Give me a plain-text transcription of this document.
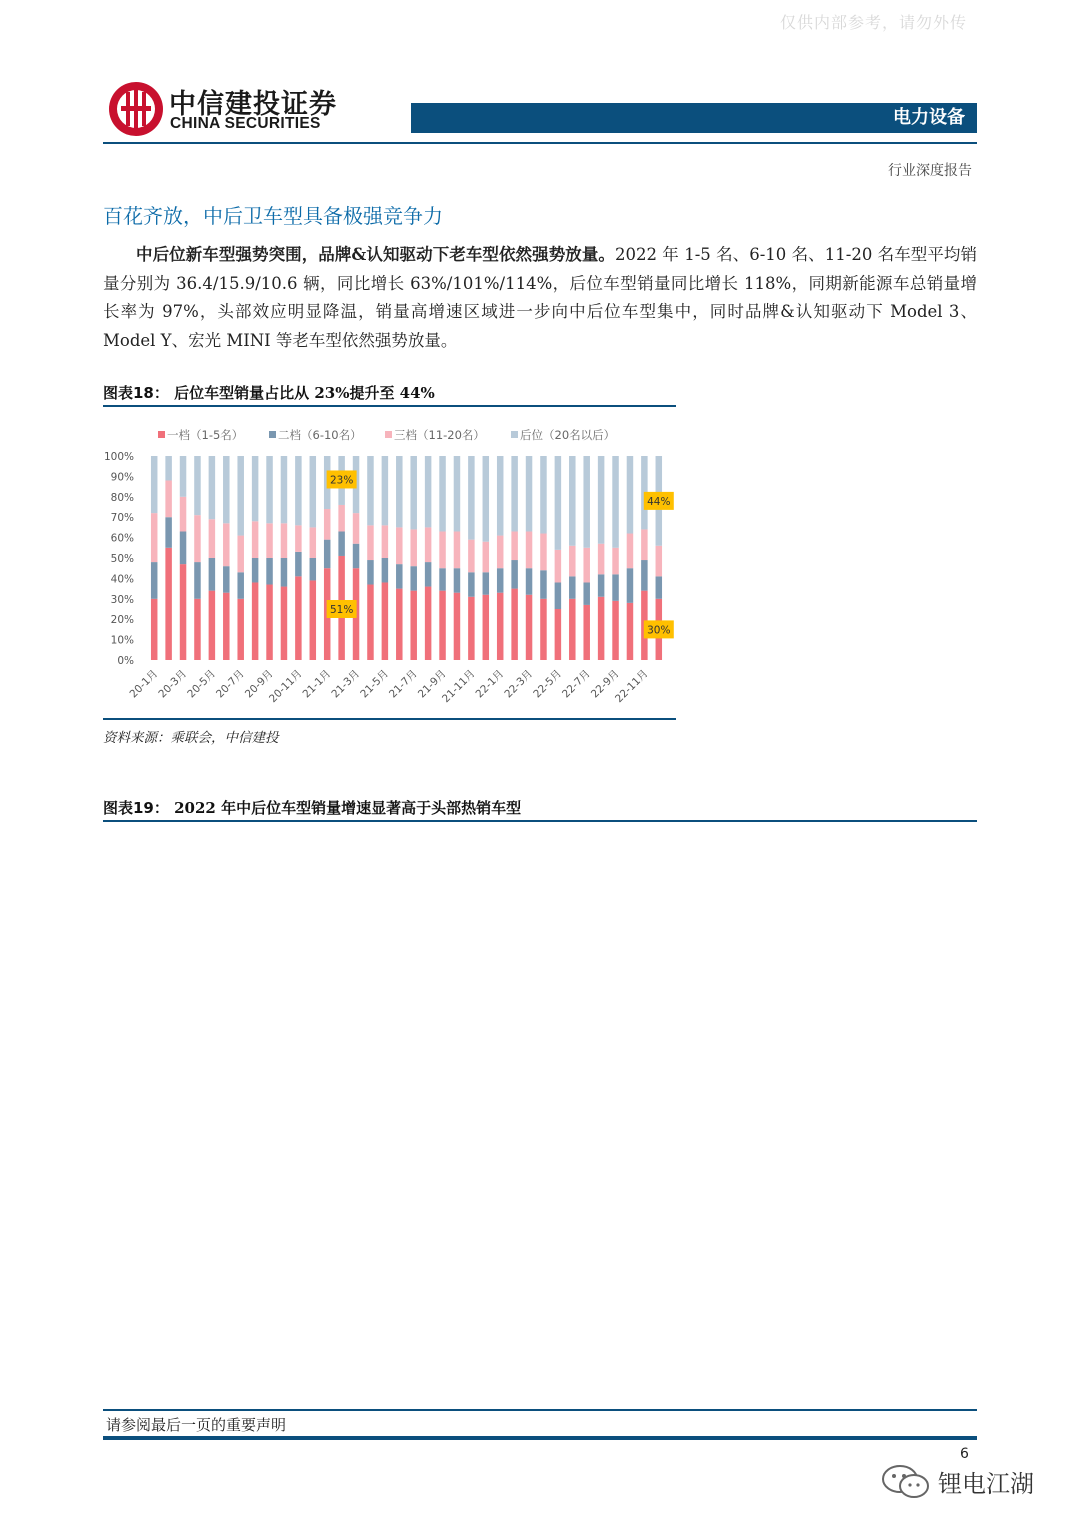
仅供内部参考，请勿外传
中信建投证券
CHINA SECURITIES	电力设备
行业深度报告
百花齐放，中后卫车型具备极强竞争力
中后位新车型强势突围，品牌&认知驱动下老车型依然强势放量。2022 年 1-5 名、6-10 名、11-20 名车型平均销量分别为 36.4/15.9/10.6 辆，同比增长 63%/101%/114%，后位车型销量同比增长 118%，同期新能源车总销量增长率为 97%，头部效应明显降温，销量高增速区域进一步向中后位车型集中，同时品牌&认知驱动下 Model 3、Model Y、宏光 MINI 等老车型依然强势放量。
图表18： 后位车型销量占比从 23%提升至 44%
一档（1-5名）	二档（6-10名）	三档（11-20名）	后位（20名以后）
0%
10%
20%
30%
40%
50%
60%
70%
80%
90%
100%
20-1月
20-3月
20-5月
20-7月
20-9月
20-11月
21-1月
21-3月
21-5月
21-7月
21-9月
21-11月
22-1月
22-3月
22-5月
22-7月
22-9月
22-11月
23%
51%
44%
30%
资料来源：乘联会，中信建投
图表19： 2022 年中后位车型销量增速显著高于头部热销车型
请参阅最后一页的重要声明
6
锂电江湖
